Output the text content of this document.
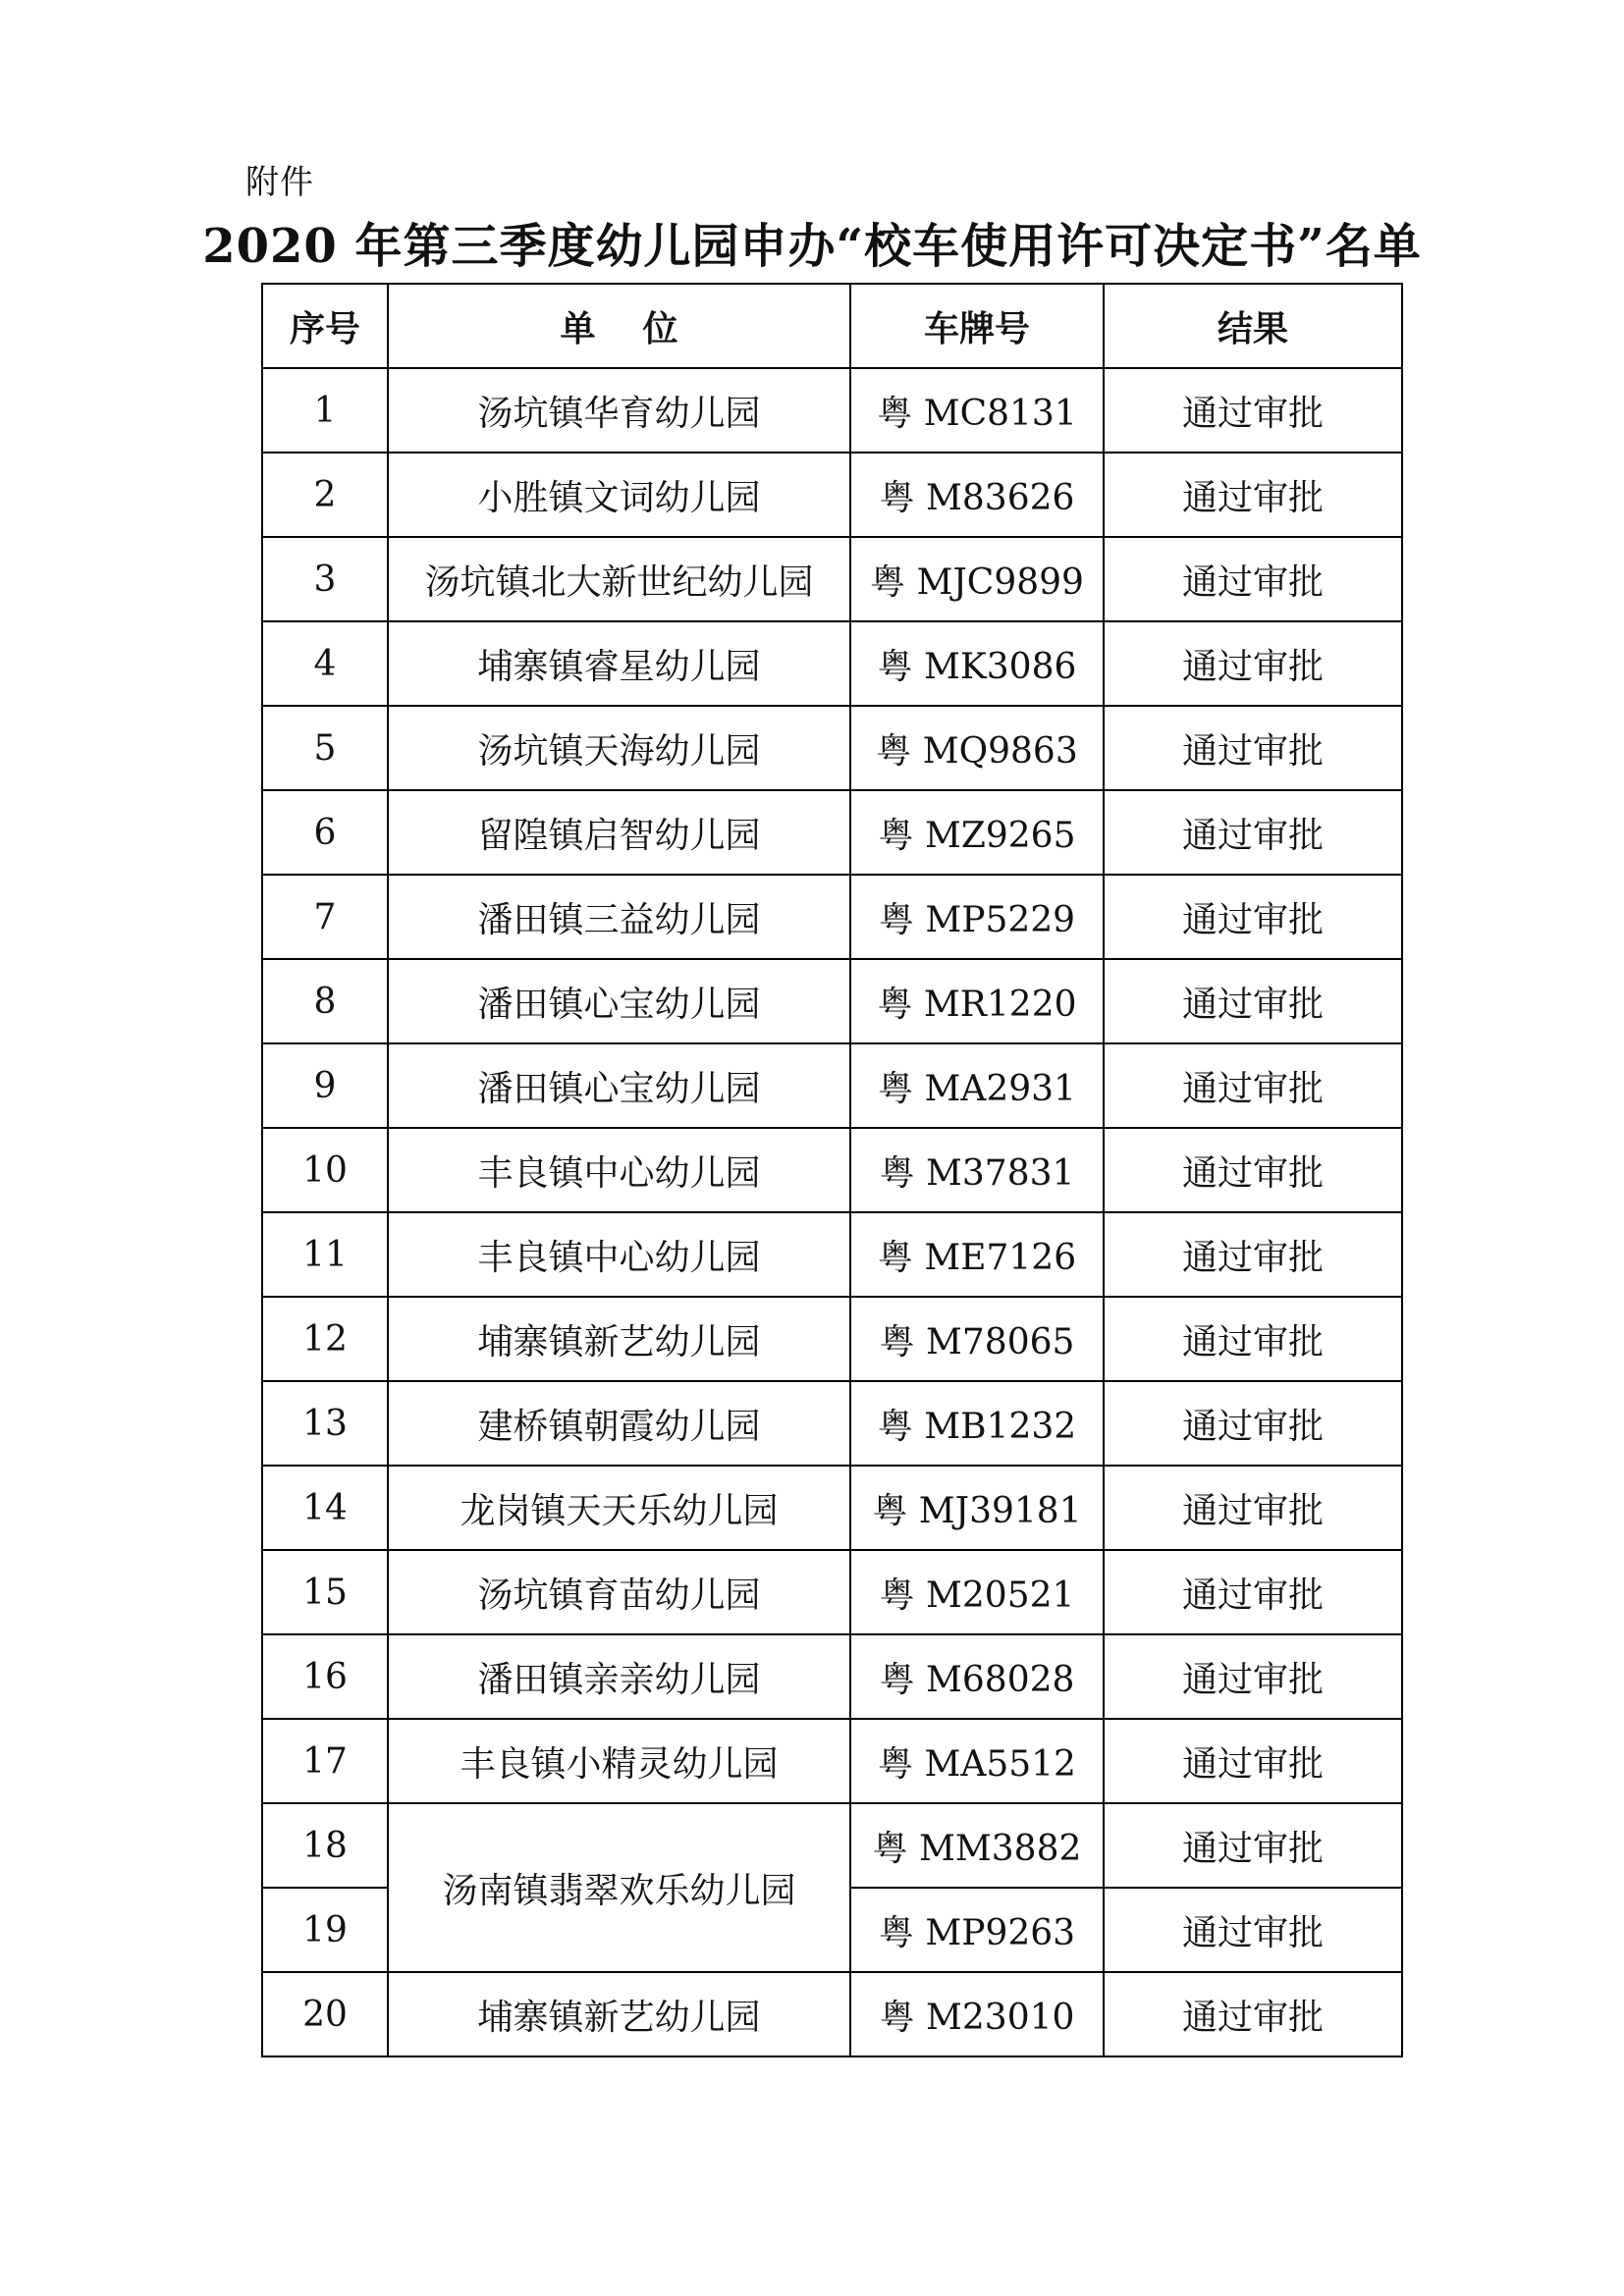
附件
2020 年第三季度幼儿园申办“校车使用许可决定书”名单
序号	单位	车牌号	结果
1	汤坑镇华育幼儿园	粤 MC8131	通过审批
2	小胜镇文词幼儿园	粤 M83626	通过审批
3	汤坑镇北大新世纪幼儿园	粤 MJC9899	通过审批
4	埔寨镇睿星幼儿园	粤 MK3086	通过审批
5	汤坑镇天海幼儿园	粤 MQ9863	通过审批
6	留隍镇启智幼儿园	粤 MZ9265	通过审批
7	潘田镇三益幼儿园	粤 MP5229	通过审批
8	潘田镇心宝幼儿园	粤 MR1220	通过审批
9	潘田镇心宝幼儿园	粤 MA2931	通过审批
10	丰良镇中心幼儿园	粤 M37831	通过审批
11	丰良镇中心幼儿园	粤 ME7126	通过审批
12	埔寨镇新艺幼儿园	粤 M78065	通过审批
13	建桥镇朝霞幼儿园	粤 MB1232	通过审批
14	龙岗镇天天乐幼儿园	粤 MJ39181	通过审批
15	汤坑镇育苗幼儿园	粤 M20521	通过审批
16	潘田镇亲亲幼儿园	粤 M68028	通过审批
17	丰良镇小精灵幼儿园	粤 MA5512	通过审批
18	汤南镇翡翠欢乐幼儿园	粤 MM3882	通过审批
19		粤 MP9263	通过审批
20	埔寨镇新艺幼儿园	粤 M23010	通过审批
